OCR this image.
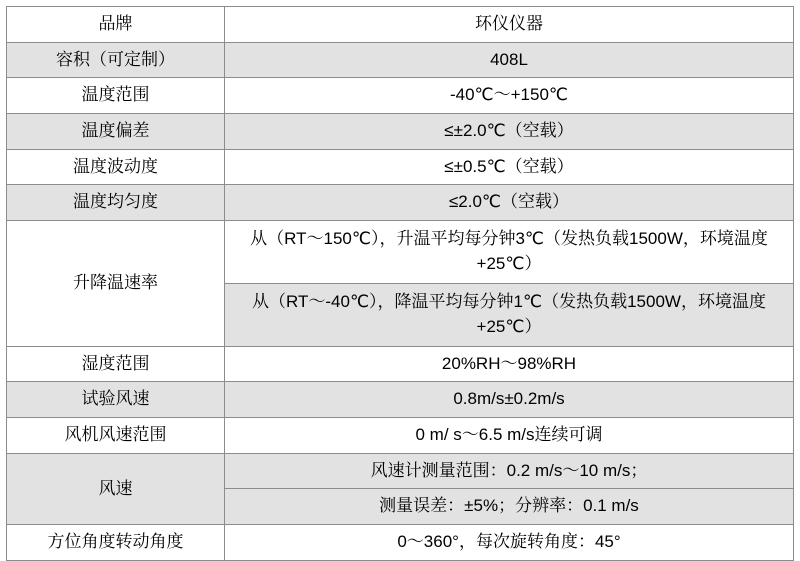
品牌	环仪仪器
容积（可定制）	408L
温度范围	-40℃～+150℃
温度偏差	≤±2.0℃（空载）
温度波动度	≤±0.5℃（空载）
温度均匀度	≤2.0℃（空载）
升降温速率	从（RT～150℃），升温平均每分钟3℃（发热负载1500W，环境温度+25℃）
	从（RT～-40℃），降温平均每分钟1℃（发热负载1500W，环境温度+25℃）
湿度范围	20%RH～98%RH
试验风速	0.8m/s±0.2m/s
风机风速范围	0 m/ s～6.5 m/s连续可调
风速	风速计测量范围：0.2 m/s～10 m/s；
	测量误差：±5%；分辨率：0.1 m/s
方位角度转动角度	0～360°，每次旋转角度：45°
